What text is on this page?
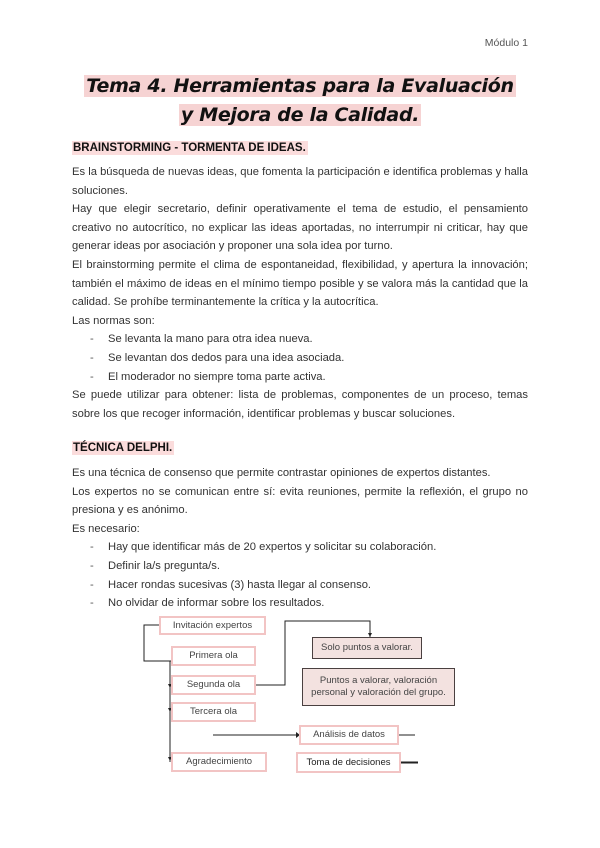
Módulo 1
Tema 4. Herramientas para la Evaluación
y Mejora de la Calidad.
BRAINSTORMING - TORMENTA DE IDEAS.

Es la búsqueda de nuevas ideas, que fomenta la participación e identifica problemas y halla soluciones.

Hay que elegir secretario, definir operativamente el tema de estudio, el pensamiento creativo no autocrítico, no explicar las ideas aportadas, no interrumpir ni criticar, hay que generar ideas por asociación y proponer una sola idea por turno.

El brainstorming permite el clima de espontaneidad, flexibilidad, y apertura la innovación; también el máximo de ideas en el mínimo tiempo posible y se valora más la cantidad que la calidad. Se prohíbe terminantemente la crítica y la autocrítica.

Las normas son:

- Se levanta la mano para otra idea nueva.
- Se levantan dos dedos para una idea asociada.
- El moderador no siempre toma parte activa.

Se puede utilizar para obtener: lista de problemas, componentes de un proceso, temas sobre los que recoger información, identificar problemas y buscar soluciones.

TÉCNICA DELPHI.

Es una técnica de consenso que permite contrastar opiniones de expertos distantes.

Los expertos no se comunican entre sí: evita reuniones, permite la reflexión, el grupo no presiona y es anónimo.

Es necesario:

- Hay que identificar más de 20 expertos y solicitar su colaboración.
- Definir la/s pregunta/s.
- Hacer rondas sucesivas (3) hasta llegar al consenso.
- No olvidar de informar sobre los resultados.
Invitación expertos
Primera ola
Segunda ola
Tercera ola
Agradecimiento
Solo puntos a valorar.
Puntos a valorar, valoración personal y valoración del grupo.
Análisis de datos
Toma de decisiones
